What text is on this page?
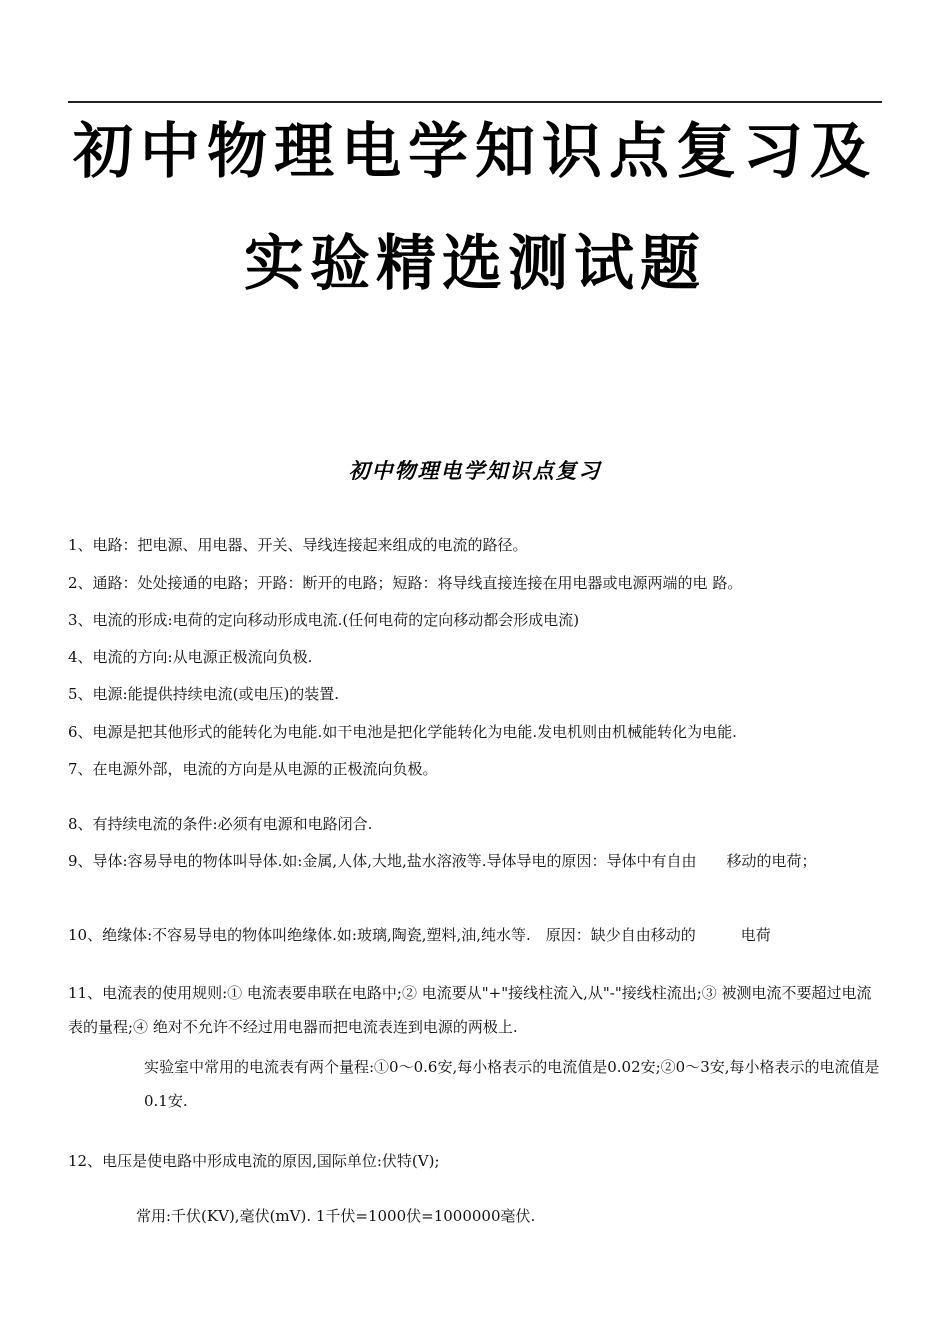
初中物理电学知识点复习及
实验精选测试题
初中物理电学知识点复习
1、电路：把电源、用电器、开关、导线连接起来组成的电流的路径。
2、通路：处处接通的电路；开路：断开的电路；短路：将导线直接连接在用电器或电源两端的电 路。
3、电流的形成:电荷的定向移动形成电流.(任何电荷的定向移动都会形成电流)
4、电流的方向:从电源正极流向负极.
5、电源:能提供持续电流(或电压)的装置.
6、电源是把其他形式的能转化为电能.如干电池是把化学能转化为电能.发电机则由机械能转化为电能.
7、在电源外部，电流的方向是从电源的正极流向负极。
8、有持续电流的条件:必须有电源和电路闭合.
9、导体:容易导电的物体叫导体.如:金属,人体,大地,盐水溶液等.导体导电的原因：导体中有自由　　移动的电荷；
10、绝缘体:不容易导电的物体叫绝缘体.如:玻璃,陶瓷,塑料,油,纯水等.　原因：缺少自由移动的　　　电荷
11、电流表的使用规则:① 电流表要串联在电路中;② 电流要从"+"接线柱流入,从"-"接线柱流出;③ 被测电流不要超过电流表的量程;④ 绝对不允许不经过用电器而把电流表连到电源的两极上.
实验室中常用的电流表有两个量程:①0～0.6安,每小格表示的电流值是0.02安;②0～3安,每小格表示的电流值是0.1安.
12、电压是使电路中形成电流的原因,国际单位:伏特(V);
常用:千伏(KV),毫伏(mV). 1千伏=1000伏=1000000毫伏.
